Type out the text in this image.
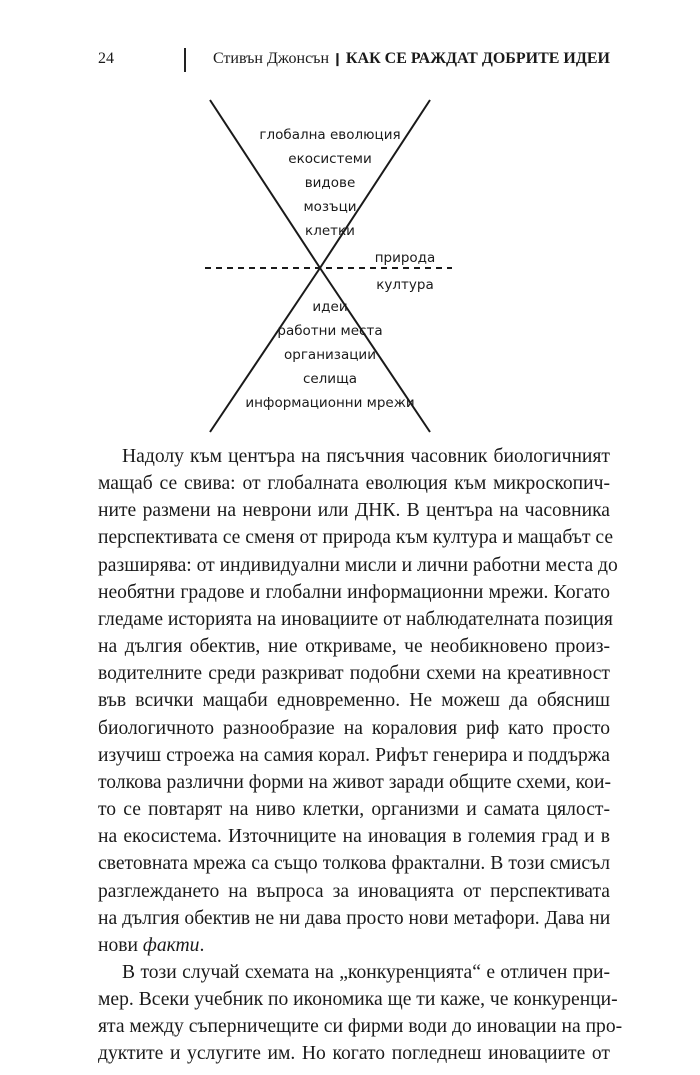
24	Стивън Джонсън ❙ КАК СЕ РАЖДАТ ДОБРИТЕ ИДЕИ
глобална еволюция
екосистеми
видове
мозъци
клетки
природа
култура
идеи
работни места
организации
селища
информационни мрежи
Надолу към центъра на пясъчния часовник биологичният
мащаб се свива: от глобалната еволюция към микроскопич-
ните размени на неврони или ДНК. В центъра на часовника
перспективата се сменя от природа към култура и мащабът се
разширява: от индивидуални мисли и лични работни места до
необятни градове и глобални информационни мрежи. Когато
гледаме историята на иновациите от наблюдателната позиция
на дългия обектив, ние откриваме, че необикновено произ-
водителните среди разкриват подобни схеми на креативност
във всички мащаби едновременно. Не можеш да обясниш
биологичното разнообразие на кораловия риф като просто
изучиш строежа на самия корал. Рифът генерира и поддържа
толкова различни форми на живот заради общите схеми, кои-
то се повтарят на ниво клетки, организми и самата цялост-
на екосистема. Източниците на иновация в големия град и в
световната мрежа са също толкова фрактални. В този смисъл
разглеждането на въпроса за иновацията от перспективата
на дългия обектив не ни дава просто нови метафори. Дава ни
нови факти.
В този случай схемата на „конкуренцията“ е отличен при-
мер. Всеки учебник по икономика ще ти каже, че конкуренци-
ята между съперничещите си фирми води до иновации на про-
дуктите и услугите им. Но когато погледнеш иновациите от
